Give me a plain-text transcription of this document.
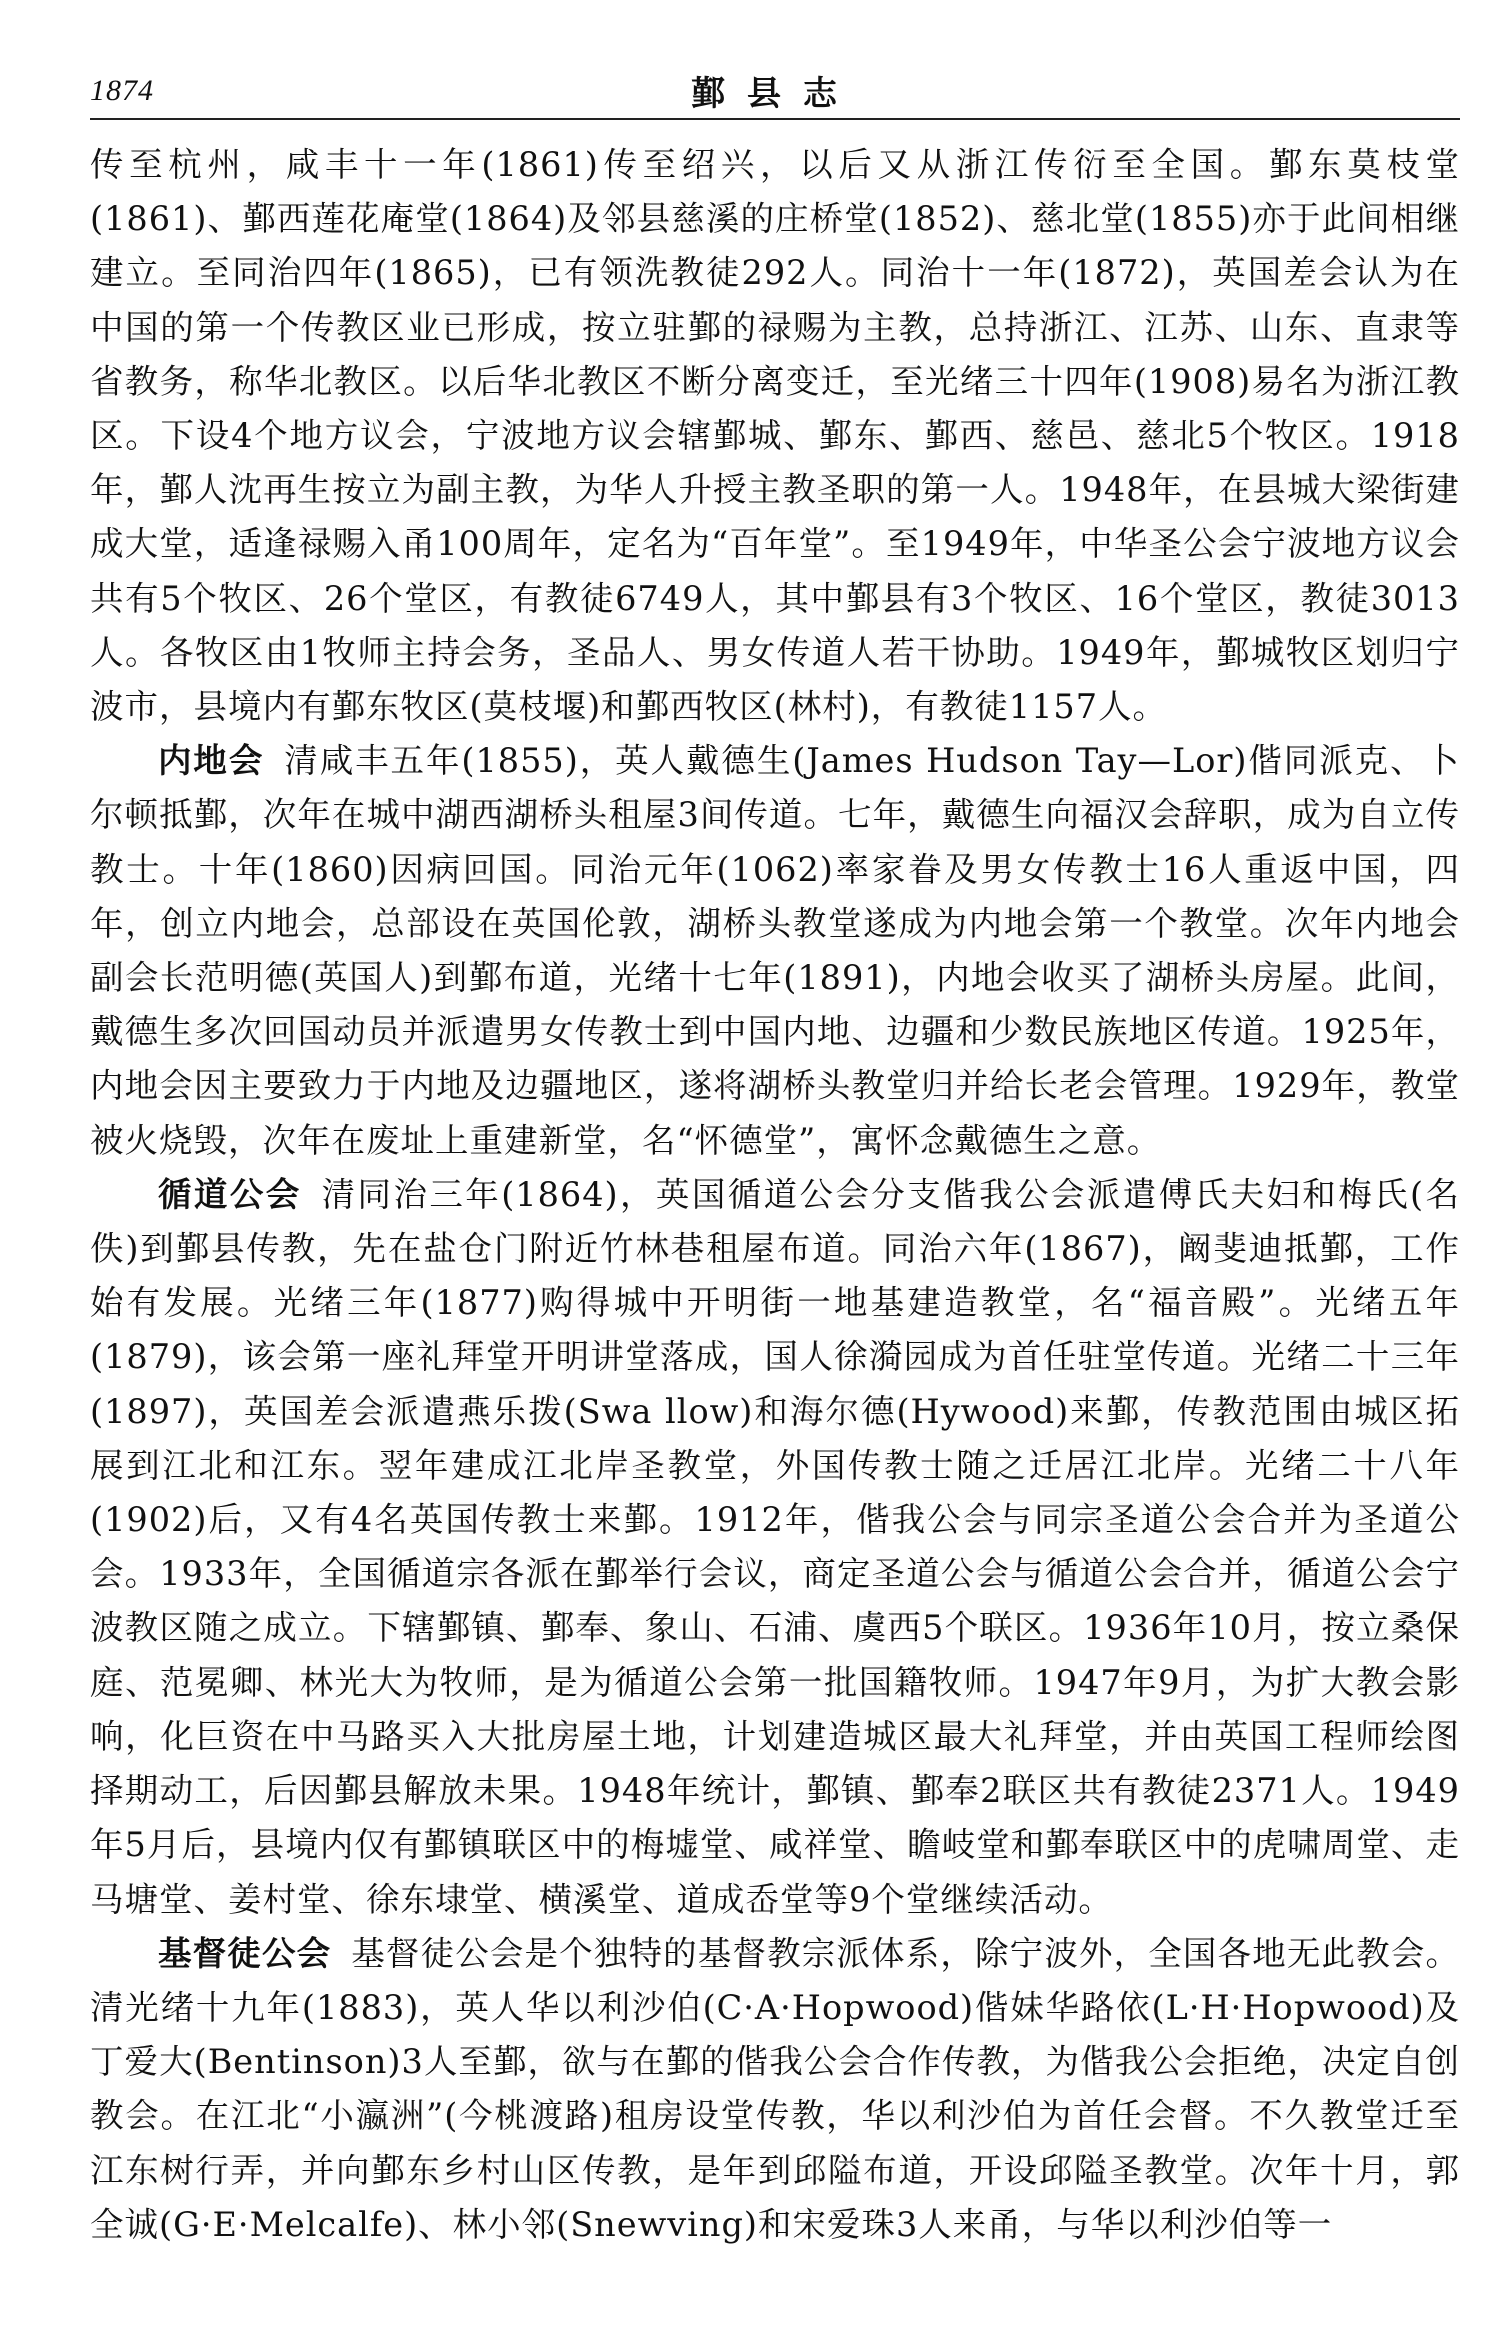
1874	鄞县志

传至杭州，咸丰十一年(1861)传至绍兴，以后又从浙江传衍至全国。鄞东莫枝堂(1861)、鄞西莲花庵堂(1864)及邻县慈溪的庄桥堂(1852)、慈北堂(1855)亦于此间相继建立。至同治四年(1865)，已有领洗教徒292人。同治十一年(1872)，英国差会认为在中国的第一个传教区业已形成，按立驻鄞的禄赐为主教，总持浙江、江苏、山东、直隶等省教务，称华北教区。以后华北教区不断分离变迁，至光绪三十四年(1908)易名为浙江教区。下设4个地方议会，宁波地方议会辖鄞城、鄞东、鄞西、慈邑、慈北5个牧区。1918年，鄞人沈再生按立为副主教，为华人升授主教圣职的第一人。1948年，在县城大梁街建成大堂，适逢禄赐入甬100周年，定名为“百年堂”。至1949年，中华圣公会宁波地方议会共有5个牧区、26个堂区，有教徒6749人，其中鄞县有3个牧区、16个堂区，教徒3013人。各牧区由1牧师主持会务，圣品人、男女传道人若干协助。1949年，鄞城牧区划归宁波市，县境内有鄞东牧区(莫枝堰)和鄞西牧区(林村)，有教徒1157人。

内地会 清咸丰五年(1855)，英人戴德生(James Hudson Tay—Lor)偕同派克、卜尔顿抵鄞，次年在城中湖西湖桥头租屋3间传道。七年，戴德生向福汉会辞职，成为自立传教士。十年(1860)因病回国。同治元年(1062)率家眷及男女传教士16人重返中国，四年，创立内地会，总部设在英国伦敦，湖桥头教堂遂成为内地会第一个教堂。次年内地会副会长范明德(英国人)到鄞布道，光绪十七年(1891)，内地会收买了湖桥头房屋。此间，戴德生多次回国动员并派遣男女传教士到中国内地、边疆和少数民族地区传道。1925年，内地会因主要致力于内地及边疆地区，遂将湖桥头教堂归并给长老会管理。1929年，教堂被火烧毁，次年在废址上重建新堂，名“怀德堂”，寓怀念戴德生之意。

循道公会 清同治三年(1864)，英国循道公会分支偕我公会派遣傅氏夫妇和梅氏(名佚)到鄞县传教，先在盐仓门附近竹林巷租屋布道。同治六年(1867)，阚斐迪抵鄞，工作始有发展。光绪三年(1877)购得城中开明街一地基建造教堂，名“福音殿”。光绪五年(1879)，该会第一座礼拜堂开明讲堂落成，国人徐漪园成为首任驻堂传道。光绪二十三年(1897)，英国差会派遣燕乐拨(Swa llow)和海尔德(Hywood)来鄞，传教范围由城区拓展到江北和江东。翌年建成江北岸圣教堂，外国传教士随之迁居江北岸。光绪二十八年(1902)后，又有4名英国传教士来鄞。1912年，偕我公会与同宗圣道公会合并为圣道公会。1933年，全国循道宗各派在鄞举行会议，商定圣道公会与循道公会合并，循道公会宁波教区随之成立。下辖鄞镇、鄞奉、象山、石浦、虞西5个联区。1936年10月，按立桑保庭、范冕卿、林光大为牧师，是为循道公会第一批国籍牧师。1947年9月，为扩大教会影响，化巨资在中马路买入大批房屋土地，计划建造城区最大礼拜堂，并由英国工程师绘图择期动工，后因鄞县解放未果。1948年统计，鄞镇、鄞奉2联区共有教徒2371人。1949年5月后，县境内仅有鄞镇联区中的梅墟堂、咸祥堂、瞻岐堂和鄞奉联区中的虎啸周堂、走马塘堂、姜村堂、徐东埭堂、横溪堂、道成岙堂等9个堂继续活动。

基督徒公会 基督徒公会是个独特的基督教宗派体系，除宁波外，全国各地无此教会。清光绪十九年(1883)，英人华以利沙伯(C·A·Hopwood)偕妹华路依(L·H·Hopwood)及丁爱大(Bentinson)3人至鄞，欲与在鄞的偕我公会合作传教，为偕我公会拒绝，决定自创教会。在江北“小瀛洲”(今桃渡路)租房设堂传教，华以利沙伯为首任会督。不久教堂迁至江东树行弄，并向鄞东乡村山区传教，是年到邱隘布道，开设邱隘圣教堂。次年十月，郭全诚(G·E·Melcalfe)、林小邻(Snewving)和宋爱珠3人来甬，与华以利沙伯等一
